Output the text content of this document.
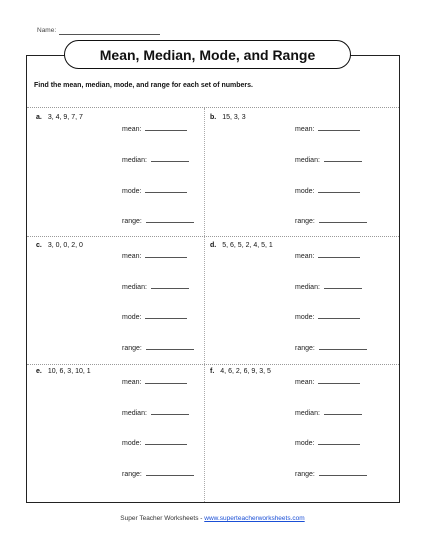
Name:
Mean, Median, Mode, and Range
Find the mean, median, mode, and range for each set of numbers.
a. 3, 4, 9, 7, 7
mean:
median:
mode:
range:
b. 15, 3, 3
mean:
median:
mode:
range:
c. 3, 0, 0, 2, 0
mean:
median:
mode:
range:
d. 5, 6, 5, 2, 4, 5, 1
mean:
median:
mode:
range:
e. 10, 6, 3, 10, 1
mean:
median:
mode:
range:
f. 4, 6, 2, 6, 9, 3, 5
mean:
median:
mode:
range:
Super Teacher Worksheets - www.superteacherworksheets.com
